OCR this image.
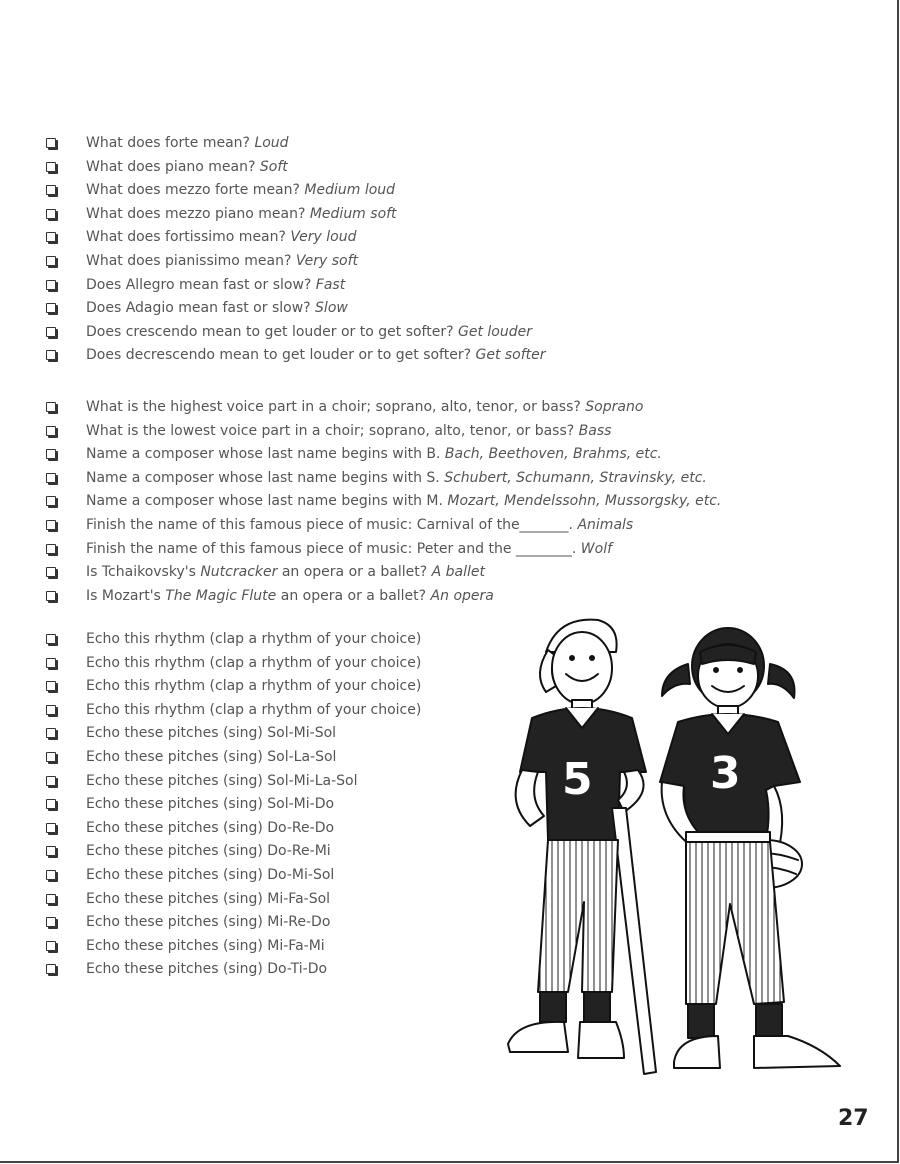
What does forte mean? Loud
What does piano mean? Soft
What does mezzo forte mean? Medium loud
What does mezzo piano mean? Medium soft
What does fortissimo mean? Very loud
What does pianissimo mean? Very soft
Does Allegro mean fast or slow? Fast
Does Adagio mean fast or slow? Slow
Does crescendo mean to get louder or to get softer? Get louder
Does decrescendo mean to get louder or to get softer? Get softer
What is the highest voice part in a choir; soprano, alto, tenor, or bass? Soprano
What is the lowest voice part in a choir; soprano, alto, tenor, or bass? Bass
Name a composer whose last name begins with B. Bach, Beethoven, Brahms, etc.
Name a composer whose last name begins with S. Schubert, Schumann, Stravinsky, etc.
Name a composer whose last name begins with M. Mozart, Mendelssohn, Mussorgsky, etc.
Finish the name of this famous piece of music: Carnival of the_______. Animals
Finish the name of this famous piece of music: Peter and the ________. Wolf
Is Tchaikovsky's Nutcracker an opera or a ballet? A ballet
Is Mozart's The Magic Flute an opera or a ballet? An opera
Echo this rhythm (clap a rhythm of your choice)
Echo this rhythm (clap a rhythm of your choice)
Echo this rhythm (clap a rhythm of your choice)
Echo this rhythm (clap a rhythm of your choice)
Echo these pitches (sing) Sol-Mi-Sol
Echo these pitches (sing) Sol-La-Sol
Echo these pitches (sing) Sol-Mi-La-Sol
Echo these pitches (sing) Sol-Mi-Do
Echo these pitches (sing) Do-Re-Do
Echo these pitches (sing) Do-Re-Mi
Echo these pitches (sing) Do-Mi-Sol
Echo these pitches (sing) Mi-Fa-Sol
Echo these pitches (sing) Mi-Re-Do
Echo these pitches (sing) Mi-Fa-Mi
Echo these pitches (sing) Do-Ti-Do
5	3
27
